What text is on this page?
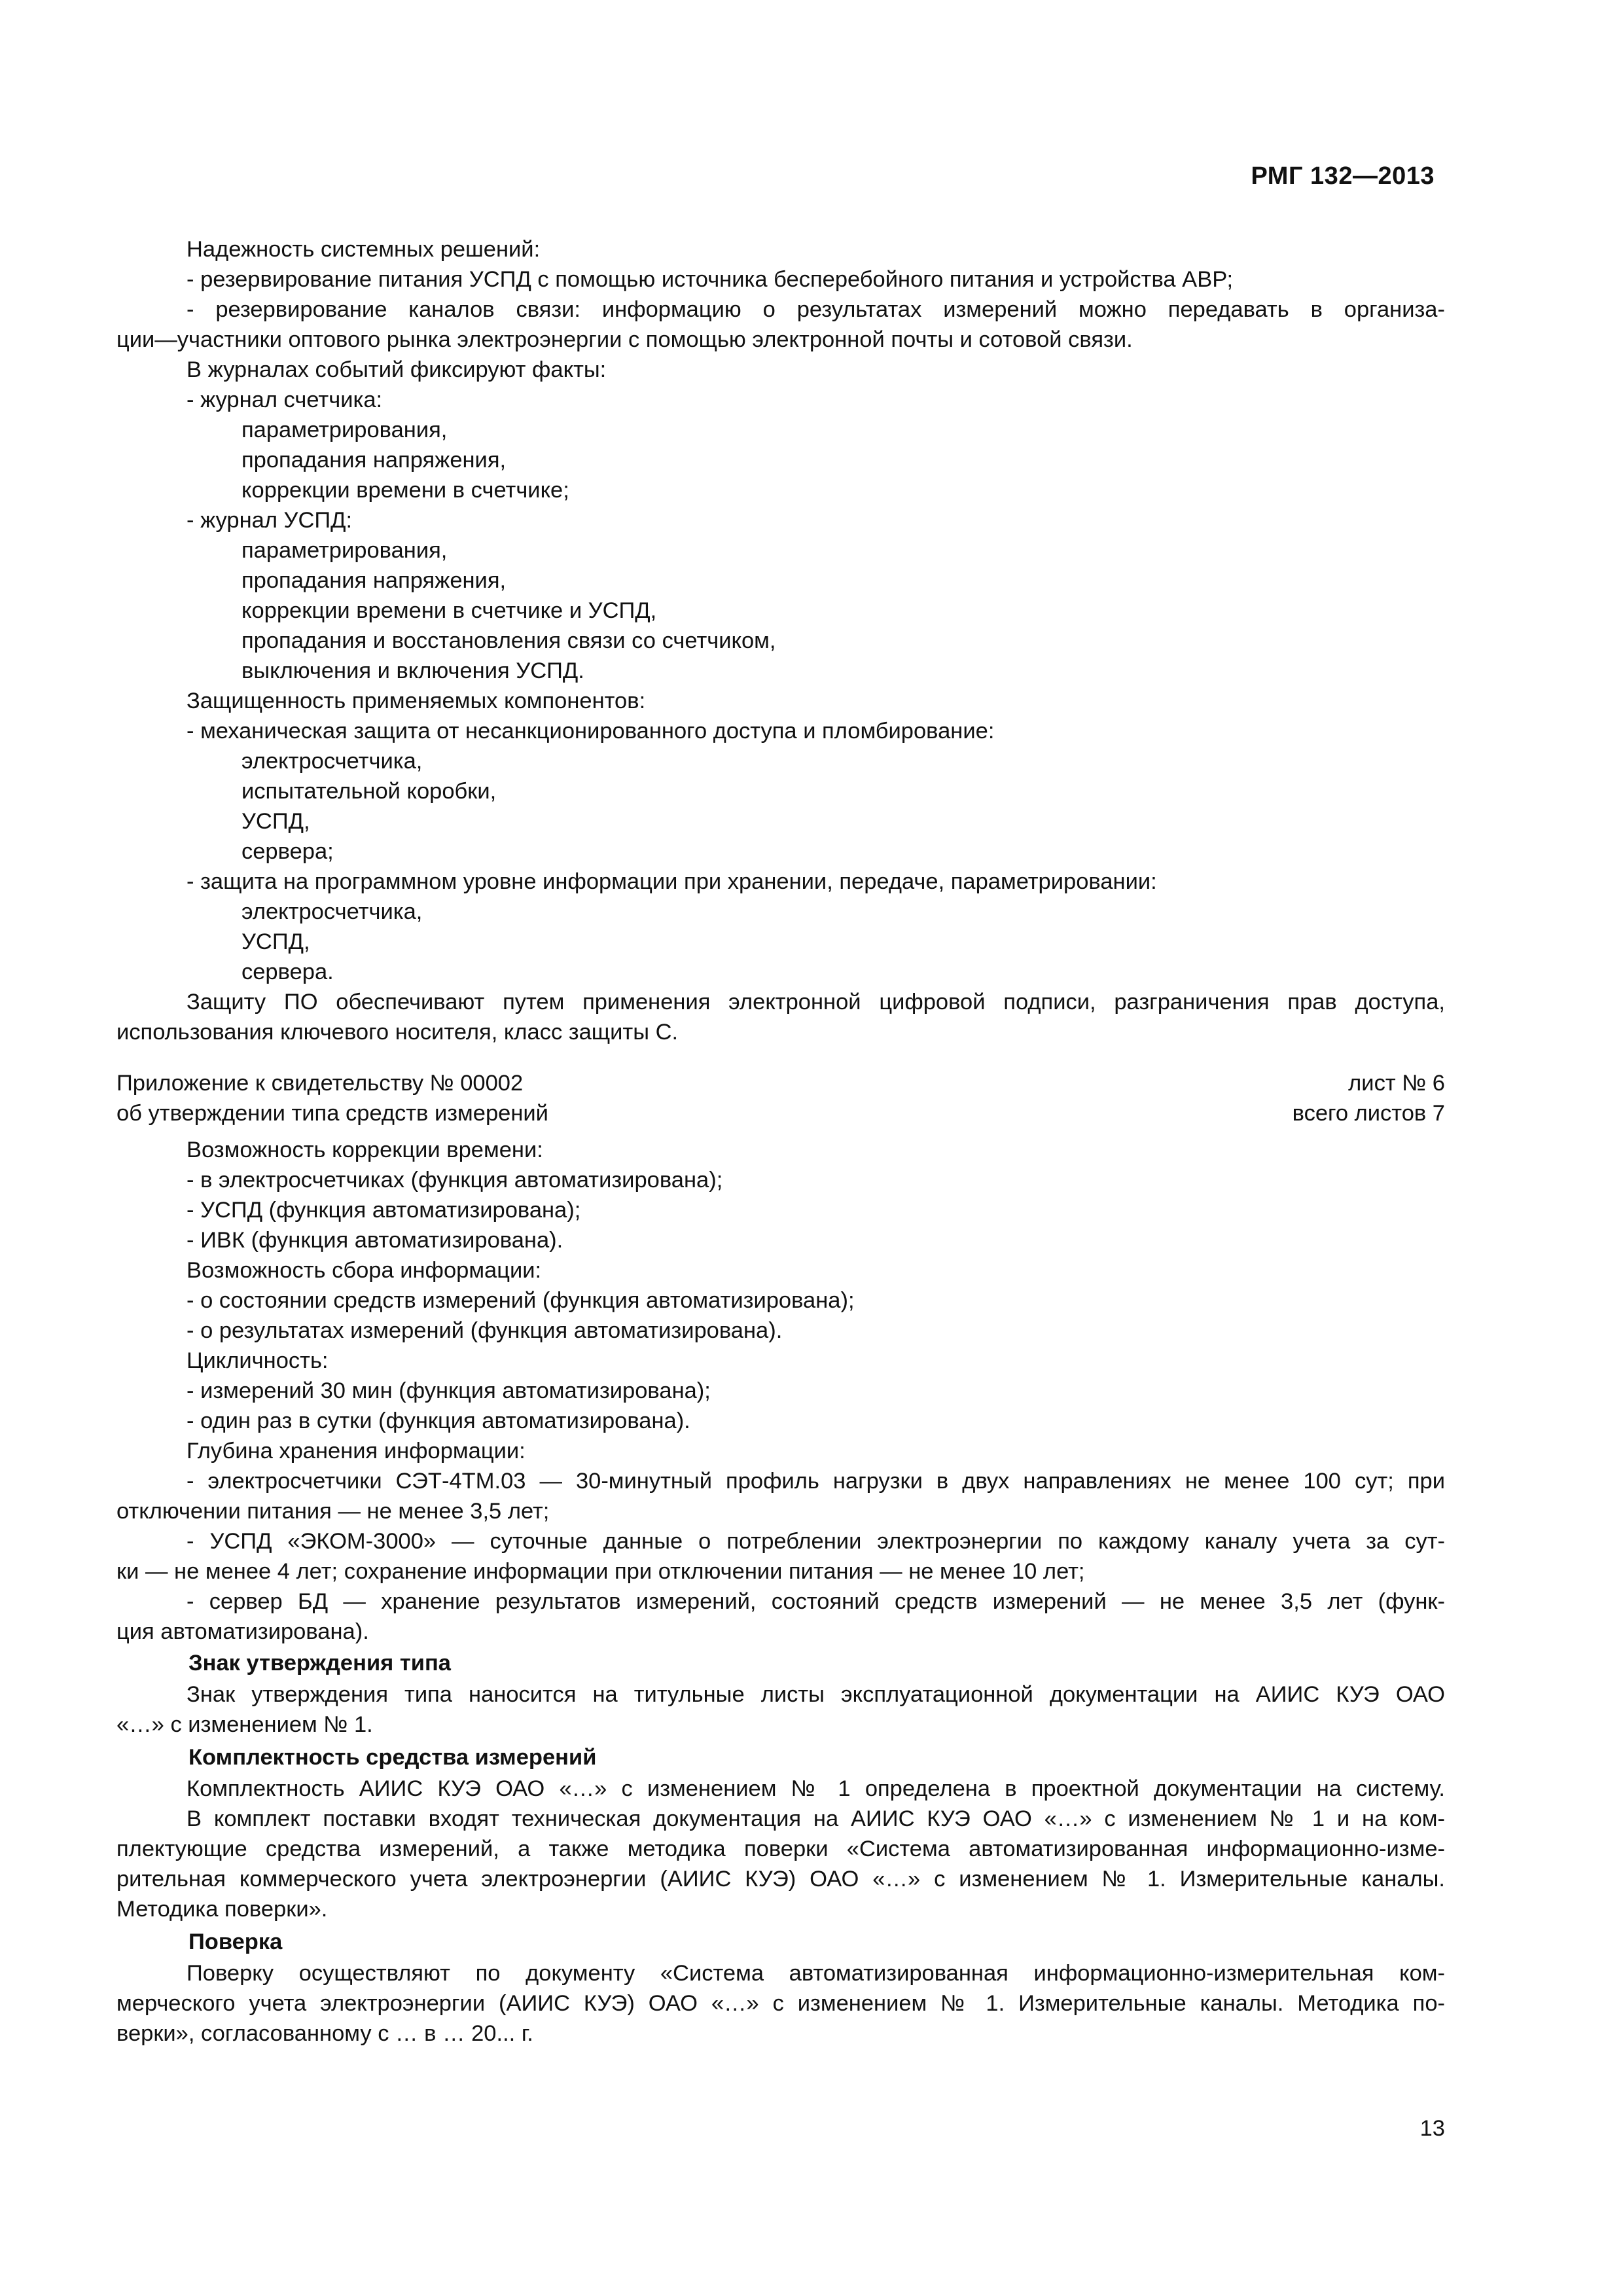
РМГ 132—2013
Надежность системных решений:
- резервирование питания УСПД с помощью источника бесперебойного питания и устройства АВР;
- резервирование каналов связи: информацию о результатах измерений можно передавать в организа-
ции—участники оптового рынка электроэнергии с помощью электронной почты и сотовой связи.
В журналах событий фиксируют факты:
- журнал счетчика:
параметрирования,
пропадания напряжения,
коррекции времени в счетчике;
- журнал УСПД:
параметрирования,
пропадания напряжения,
коррекции времени в счетчике и УСПД,
пропадания и восстановления связи со счетчиком,
выключения и включения УСПД.
Защищенность применяемых компонентов:
- механическая защита от несанкционированного доступа и пломбирование:
электросчетчика,
испытательной коробки,
УСПД,
сервера;
- защита на программном уровне информации при хранении, передаче, параметрировании:
электросчетчика,
УСПД,
сервера.
Защиту ПО обеспечивают путем применения электронной цифровой подписи, разграничения прав доступа,
использования ключевого носителя, класс защиты С.
Приложение к свидетельству № 00002
об утверждении типа средств измерений
лист № 6
всего листов 7
Возможность коррекции времени:
- в электросчетчиках (функция автоматизирована);
- УСПД (функция автоматизирована);
- ИВК (функция автоматизирована).
Возможность сбора информации:
- о состоянии средств измерений (функция автоматизирована);
- о результатах измерений (функция автоматизирована).
Цикличность:
- измерений 30 мин (функция автоматизирована);
- один раз в сутки (функция автоматизирована).
Глубина хранения информации:
- электросчетчики СЭТ-4ТМ.03 — 30-минутный профиль нагрузки в двух направлениях не менее 100 сут; при
отключении питания — не менее 3,5 лет;
- УСПД «ЭКОМ-3000» — суточные данные о потреблении электроэнергии по каждому каналу учета за сут-
ки — не менее 4 лет; сохранение информации при отключении питания — не менее 10 лет;
- сервер БД — хранение результатов измерений, состояний средств измерений — не менее 3,5 лет (функ-
ция автоматизирована).
Знак утверждения типа
Знак утверждения типа наносится на титульные листы эксплуатационной документации на АИИС КУЭ ОАО
«…» с изменением № 1.
Комплектность средства измерений
Комплектность АИИС КУЭ ОАО «…» с изменением № 1 определена в проектной документации на систему.
В комплект поставки входят техническая документация на АИИС КУЭ ОАО «…» с изменением № 1 и на ком-
плектующие средства измерений, а также методика поверки «Система автоматизированная информационно-изме-
рительная коммерческого учета электроэнергии (АИИС КУЭ) ОАО «…» с изменением № 1. Измерительные каналы.
Методика поверки».
Поверка
Поверку осуществляют по документу «Система автоматизированная информационно-измерительная ком-
мерческого учета электроэнергии (АИИС КУЭ) ОАО «…» с изменением № 1. Измерительные каналы. Методика по-
верки», согласованному с … в … 20... г.
13
